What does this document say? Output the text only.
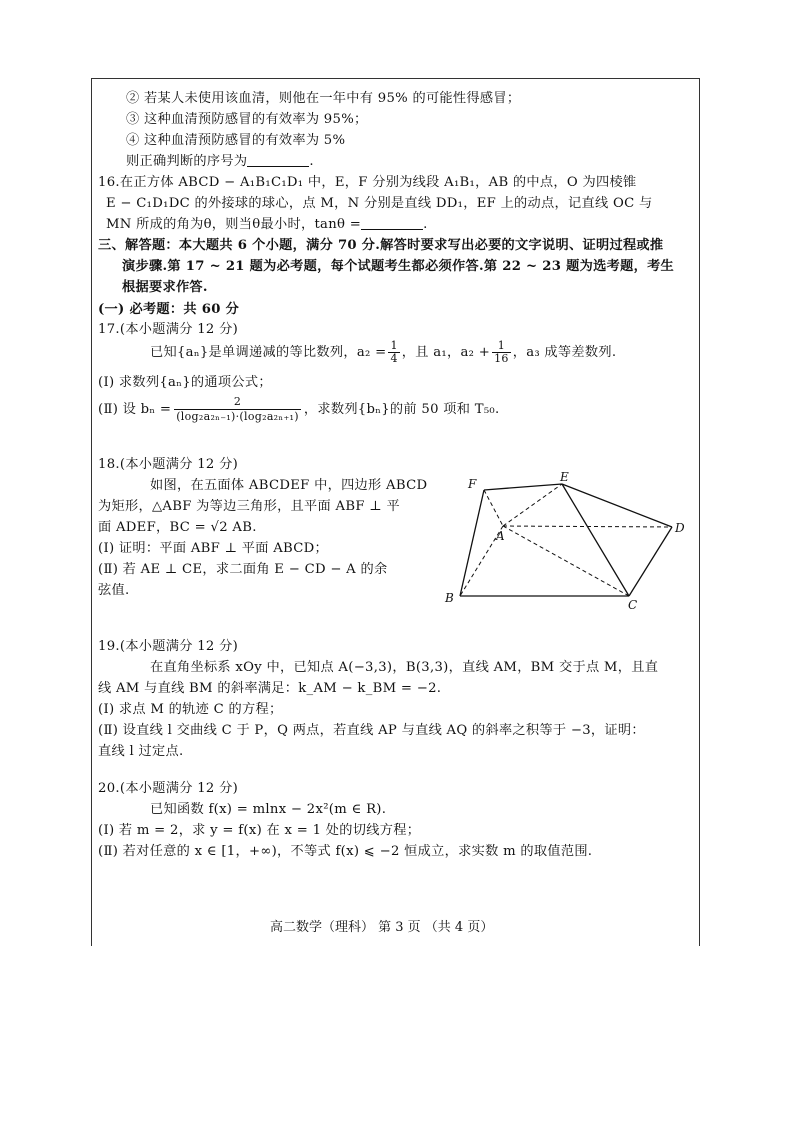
② 若某人未使用该血清，则他在一年中有 95% 的可能性得感冒；
③ 这种血清预防感冒的有效率为 95%；
④ 这种血清预防感冒的有效率为 5%
则正确判断的序号为	.
16.在正方体 ABCD − A₁B₁C₁D₁ 中，E，F 分别为线段 A₁B₁，AB 的中点，O 为四棱锥
E − C₁D₁DC 的外接球的球心，点 M，N 分别是直线 DD₁，EF 上的动点，记直线 OC 与
MN 所成的角为θ，则当θ最小时，tanθ =	.
三、解答题：本大题共 6 个小题，满分 70 分.解答时要求写出必要的文字说明、证明过程或推
演步骤.第 17 ~ 21 题为必考题，每个试题考生都必须作答.第 22 ~ 23 题为选考题，考生
根据要求作答.
(一) 必考题：共 60 分
17.(本小题满分 12 分)
已知{aₙ}是单调递减的等比数列，$a_2 = \frac{1}{4}$ ，且 a₁，$a_2 + \frac{1}{16}$ ，a₃ 成等差数列.
(Ⅰ) 求数列{aₙ}的通项公式；
(Ⅱ) 设 $b_n = \frac{2}{\text{(log₂a₂ₙ₋₁)·(log₂a₂ₙ₊₁)}}$ ，求数列{bₙ}的前 50 项和 T₅₀.
18.(本小题满分 12 分)
如图，在五面体 ABCDEF 中，四边形 ABCD
为矩形，△ABF 为等边三角形，且平面 ABF ⊥ 平
面 ADEF，BC = √2 AB.
(Ⅰ) 证明：平面 ABF ⊥ 平面 ABCD；
(Ⅱ) 若 AE ⊥ CE，求二面角 E − CD − A 的余
弦值.
F	E
A
D
B	C
19.(本小题满分 12 分)
在直角坐标系 xOy 中，已知点 A(−3,3)，B(3,3)，直线 AM，BM 交于点 M，且直
线 AM 与直线 BM 的斜率满足：k_AM − k_BM = −2.
(Ⅰ) 求点 M 的轨迹 C 的方程；
(Ⅱ) 设直线 l 交曲线 C 于 P，Q 两点，若直线 AP 与直线 AQ 的斜率之积等于 −3，证明：
直线 l 过定点.
20.(本小题满分 12 分)
已知函数 f(x) = mlnx − 2x²(m ∈ R).
(Ⅰ) 若 m = 2，求 y = f(x) 在 x = 1 处的切线方程；
(Ⅱ) 若对任意的 x ∈ [1，+∞)，不等式 f(x) ⩽ −2 恒成立，求实数 m 的取值范围.
高二数学（理科） 第 3 页 （共 4 页）
